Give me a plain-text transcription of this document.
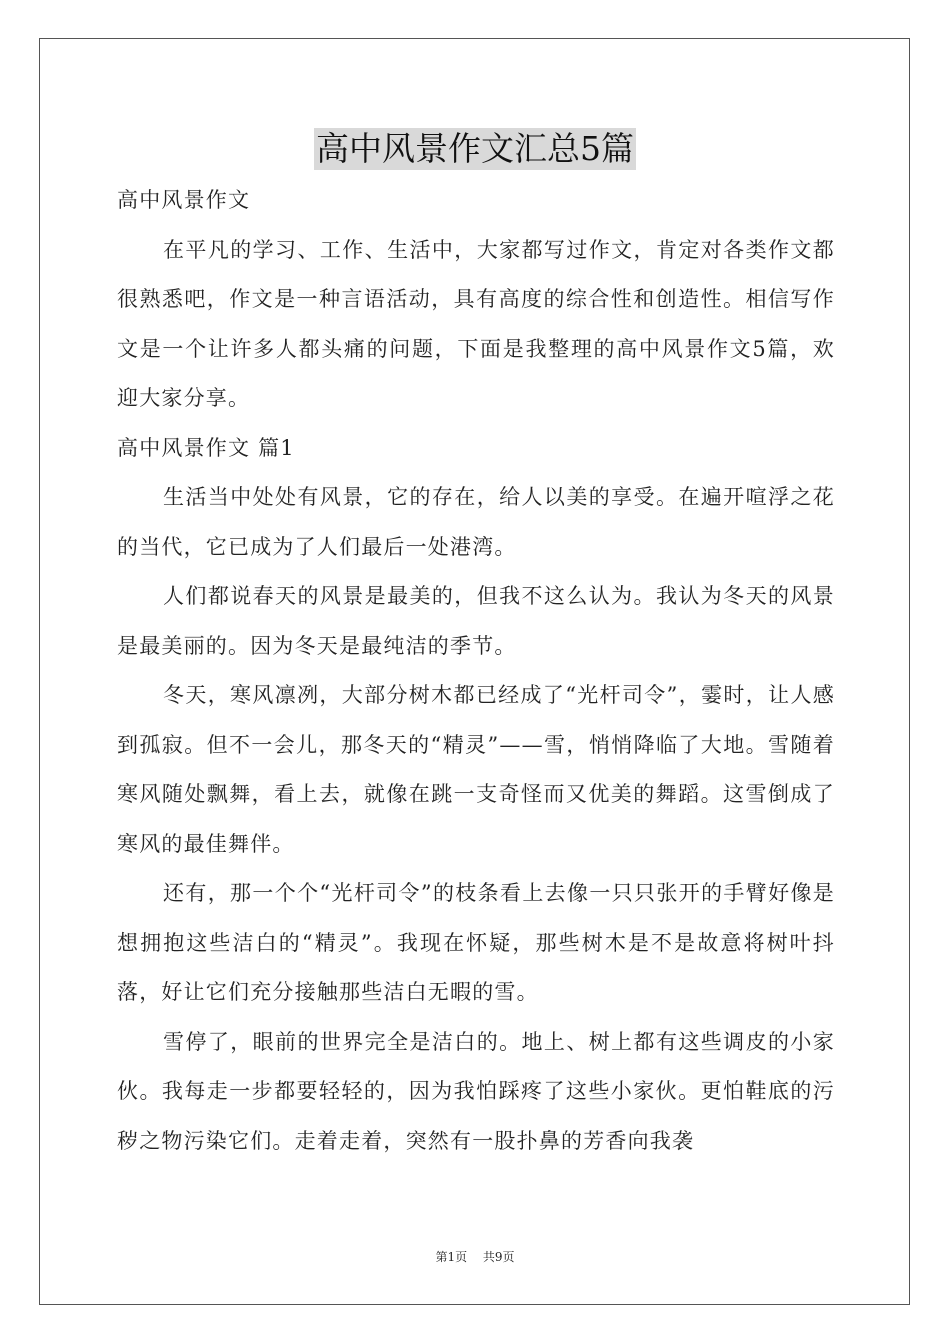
高中风景作文汇总5篇

高中风景作文

在平凡的学习、工作、生活中，大家都写过作文，肯定对各类作文都很熟悉吧，作文是一种言语活动，具有高度的综合性和创造性。相信写作文是一个让许多人都头痛的问题，下面是我整理的高中风景作文5篇，欢迎大家分享。

高中风景作文 篇1

生活当中处处有风景，它的存在，给人以美的享受。在遍开喧浮之花的当代，它已成为了人们最后一处港湾。

人们都说春天的风景是最美的，但我不这么认为。我认为冬天的风景是最美丽的。因为冬天是最纯洁的季节。

冬天，寒风凛冽，大部分树木都已经成了“光杆司令”，霎时，让人感到孤寂。但不一会儿，那冬天的“精灵”——雪，悄悄降临了大地。雪随着寒风随处飘舞，看上去，就像在跳一支奇怪而又优美的舞蹈。这雪倒成了寒风的最佳舞伴。

还有，那一个个“光杆司令”的枝条看上去像一只只张开的手臂好像是想拥抱这些洁白的“精灵”。我现在怀疑，那些树木是不是故意将树叶抖落，好让它们充分接触那些洁白无暇的雪。

雪停了，眼前的世界完全是洁白的。地上、树上都有这些调皮的小家伙。我每走一步都要轻轻的，因为我怕踩疼了这些小家伙。更怕鞋底的污秽之物污染它们。走着走着，突然有一股扑鼻的芳香向我袭

第1页 共9页
